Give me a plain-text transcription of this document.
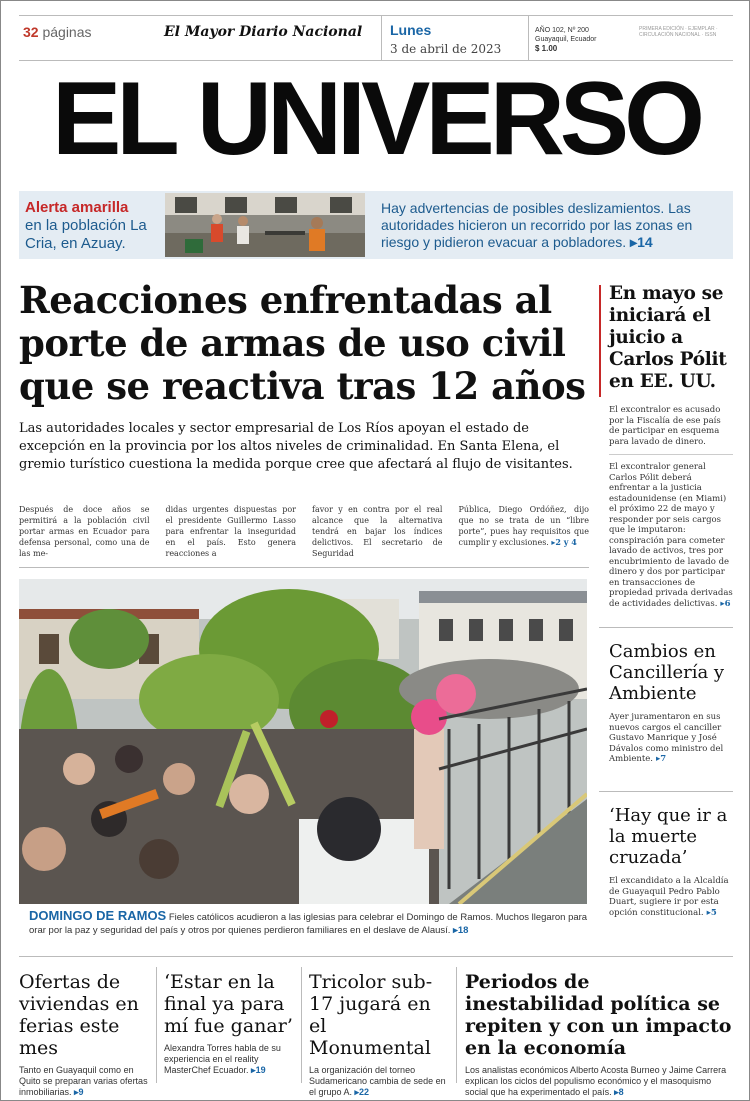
32 páginas	El Mayor Diario Nacional Lunes
3 de abril de 2023
AÑO 102, Nº 200
Guayaquil, Ecuador
$ 1.00
PRIMERA EDICIÓN · EJEMPLAR · CIRCULACIÓN NACIONAL · ISSN
EL UNIVERSO
Alerta amarilla
en la población La Cria, en Azuay.
Hay advertencias de posibles deslizamientos. Las autoridades hicieron un recorrido por las zonas en riesgo y pidieron evacuar a pobladores. ▸14
Reacciones enfrentadas al porte de armas de uso civil que se reactiva tras 12 años
Las autoridades locales y sector empresarial de Los Ríos apoyan el estado de excepción en la provincia por los altos niveles de criminalidad. En Santa Elena, el gremio turístico cuestiona la medida porque cree que afectará al flujo de visitantes.

Después de doce años se permitirá a la población civil portar armas en Ecuador para defensa personal, como una de las me-

didas urgentes dispuestas por el presidente Guillermo Lasso para enfrentar la inseguridad en el país. Esto genera reacciones a

favor y en contra por el real alcance que la alternativa tendrá en bajar los índices delictivos. El secretario de Seguridad

Pública, Diego Ordóñez, dijo que no se trata de un “libre porte”, pues hay requisitos que cumplir y exclusiones. ▸2 y 4

DOMINGO DE RAMOS Fieles católicos acudieron a las iglesias para celebrar el Domingo de Ramos. Muchos llegaron para orar por la paz y seguridad del país y otros por quienes perdieron familiares en el deslave de Alausí. ▸18
En mayo se iniciará el juicio a Carlos Pólit en EE. UU.

El excontralor es acusado por la Fiscalía de ese país de participar en esquema para lavado de dinero.

El excontralor general Carlos Pólit deberá enfrentar a la justicia estadounidense (en Miami) el próximo 22 de mayo y responder por seis cargos que le imputaron: conspiración para cometer lavado de activos, tres por encubrimiento de lavado de dinero y dos por participar en transacciones de propiedad privada derivadas de actividades delictivas. ▸6

Cambios en Cancillería y Ambiente

Ayer juramentaron en sus nuevos cargos el canciller Gustavo Manrique y José Dávalos como ministro del Ambiente. ▸7

‘Hay que ir a la muerte cruzada’

El excandidato a la Alcaldía de Guayaquil Pedro Pablo Duart, sugiere ir por esta opción constitucional. ▸5

Ofertas de viviendas en ferias este mes

Tanto en Guayaquil como en Quito se preparan varias ofertas inmobiliarias. ▸9

‘Estar en la final ya para mí fue ganar’

Alexandra Torres habla de su experiencia en el reality MasterChef Ecuador. ▸19

Tricolor sub-17 jugará en el Monumental

La organización del torneo Sudamericano cambia de sede en el grupo A. ▸22

Periodos de inestabilidad política se repiten y con un impacto en la economía

Los analistas económicos Alberto Acosta Burneo y Jaime Carrera explican los ciclos del populismo económico y el masoquismo social que ha experimentado el país. ▸8
